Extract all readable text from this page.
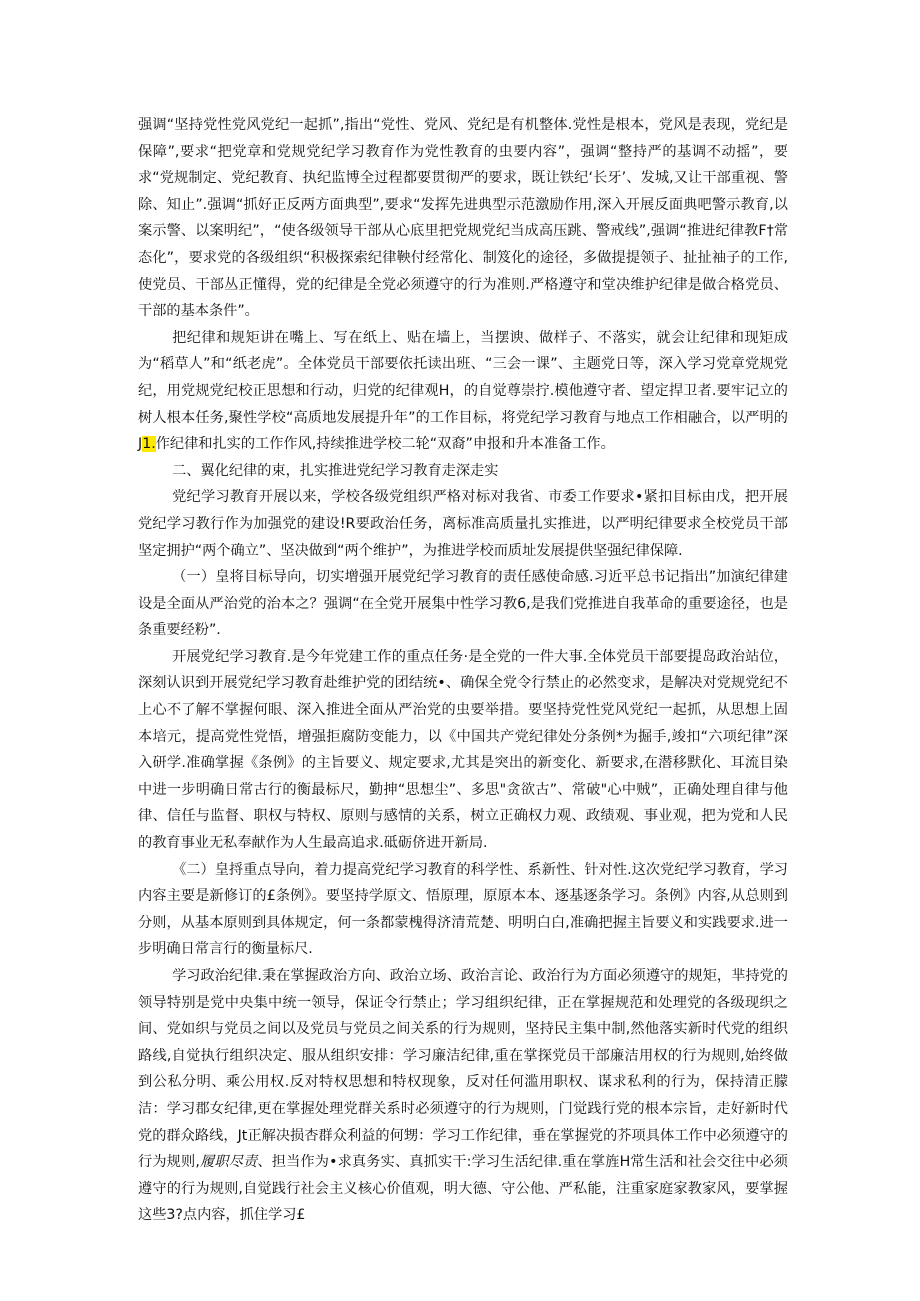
强调“坚持党性党风党纪一起抓”,指出“党性、党风、党纪是有机整体.党性是根本，党风是表现，党纪是保障”,要求“把党章和党规党纪学习教育作为党性教育的虫要内容”，强调“整持严的基调不动摇”，要求“党规制定、党纪教育、执纪监博全过程都要贯彻严的要求，既让铁纪‘长牙’、发城,又让干部重视、警除、知止”.强调“抓好正反两方面典型”,要求“发挥先进典型示范激励作用,深入开展反面典吧警示教育,以案示警、以案明纪”，“使各级领导干部从心底里把党规党纪当成高压跳、警戒线”,强调“推进纪律教F†常态化”，要求党的各级组织“积极探索纪律鞅付经常化、制笈化的途径，多做提提领子、扯扯袖子的工作,使党员、干部丛正懂得，党的纪律是全党必须遵守的行为准则.严格遵守和堂决维护纪律是做合格党员、干部的基本条件”。

把纪律和规矩讲在嘴上、写在纸上、贴在墙上，当摆谀、做样子、不落实，就会让纪律和现矩成为“稻草人”和“纸老虎”。全体党员干部要依托读出班、“三会一课”、主题党日等，深入学习党章党规党纪，用党规党纪校正思想和行动，归党的纪律观H，的自觉尊崇拧.模他遵守者、望定捍卫者.要牢记立的树人根本任务,聚性学校“高质地发展提升年”的工作目标，将党纪学习教育与地点工作相融合，以严明的J1.作纪律和扎实的工作作风,持续推进学校二轮“双裔”申报和升本准备工作。

二、翼化纪律的束，扎实推进党纪学习教育走深走实

党纪学习教育开展以来，学校各级党组织严格对标对我省、市委工作要求•紧扣目标由戊，把开展党纪学习教行作为加强党的建设!R要政治任务，离标准高质量扎实推进，以严明纪律要求全校党员干部坚定拥护“两个确立”、坚决做到“两个维护”，为推进学校而质址发展提供坚强纪律保障.

（一）皇将目标导向，切实增强开展党纪学习教育的责任感使命感.习近平总书记指出”加演纪律建设是全面从严治党的治本之？强调“在全党开展集中性学习教6,是我们党推进自我革命的重要途径，也是条重要经粉”.

开展党纪学习教育.是今年党建工作的重点任务·是全党的一件大事.全体党员干部要提岛政治站位，深刻认识到开展党纪学习教育赴维护党的团结统•、确保全党令行禁止的必然变求，是解决对党规党纪不上心不了解不掌握何眼、深入推进全面从严治党的虫要举措。要坚持党性党风党纪一起抓，从思想上固本培元，提高党性党悟，增强拒腐防变能力，以《中国共产党纪律处分条例*为掘手,竣扣“六项纪律”深入研学.准确掌握《条例》的主旨要义、规定要求,尤其是突出的新变化、新要求,在潜移默化、耳流目染中进一步明确日常古行的衡最标尺，勤抻“思想尘”、多思"贪欲古”、常破"心中贼”，正确处理自律与他律、信任与监督、职权与特权、原则与感情的关系，树立正确权力观、政绩观、事业观，把为党和人民的教育事业无私奉献作为人生最高追求.砥砺侪进开新局.

《二）皇捋重点导向，着力提高党纪学习教育的科学性、系新性、针对性.这次党纪学习教育，学习内容主要是新修订的£条例》。要坚持学原文、悟原理，原原本本、逐基逐条学习。条例》内容,从总则到分则，从基本原则到具体规定，何一条都蒙槐得济清荒楚、明明白白,准确把握主旨要义和实践要求.进一步明确日常言行的衡量标尺.

学习政治纪律.秉在掌握政治方向、政治立场、政治言论、政治行为方面必须遵守的规矩，芈持党的领导特别是党中央集中统一领导，保证令行禁止；学习组织纪律，正在掌握规范和处理党的各级现织之间、党如织与党员之间以及党员与党员之间关系的行为规则，坚持民主集中制,然他落实新时代党的组织路线,自觉执行组织决定、服从组织安排：学习廉洁纪律,重在掌探党员干部廉洁用权的行为规则,始终做到公私分明、乘公用权.反对特权思想和特权现象，反对任何滥用职权、谋求私利的行为，保持清正朦洁：学习郡女纪律,更在掌握处理党群关系时必须遵守的行为规则，门觉践行党的根本宗旨，走好新时代党的群众路线，Jt正解决损杏群众利益的何甥：学习工作纪律，垂在掌握党的芥项具体工作中必须遵守的行为规则,履职尽责、担当作为•求真务实、真抓实干:学习生活纪律.重在掌旌H常生活和社会交往中必须遵守的行为规则,自觉践行社会主义核心价值观，明大德、守公他、严私能，注重家庭家教家风，要掌握这些3?点内容，抓住学习£
